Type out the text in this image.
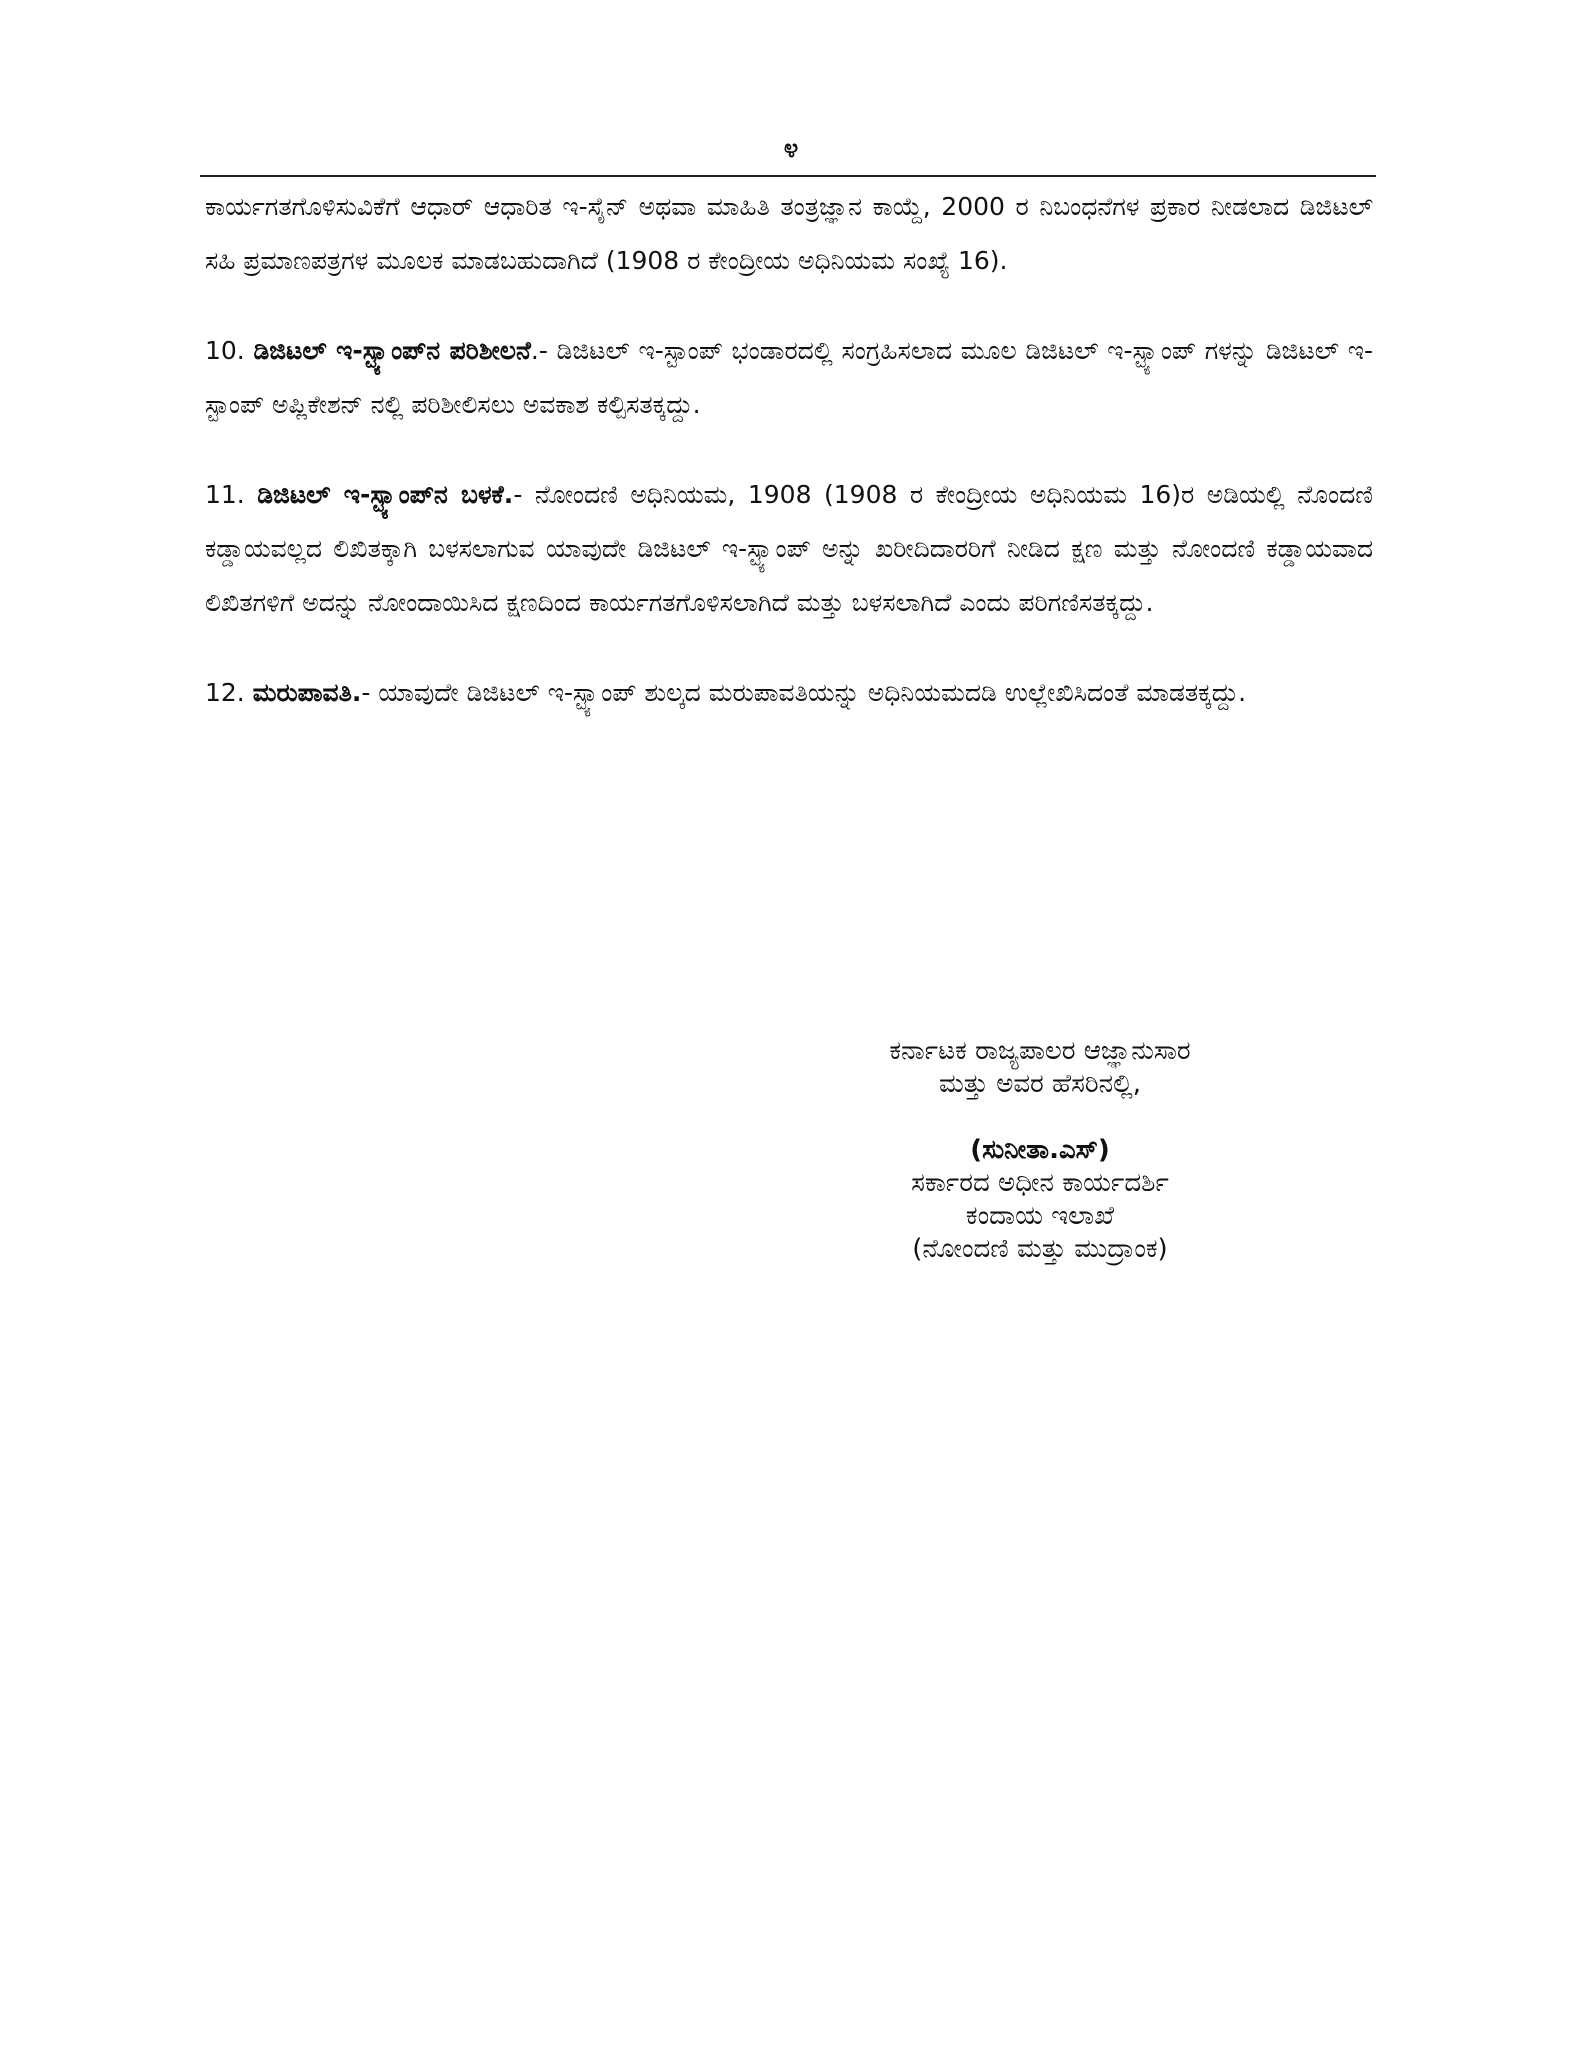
೪

ಕಾರ್ಯಗತಗೊಳಿಸುವಿಕೆಗೆ ಆಧಾರ್ ಆಧಾರಿತ ಇ-ಸೈನ್ ಅಥವಾ ಮಾಹಿತಿ ತಂತ್ರಜ್ಞಾನ ಕಾಯ್ದೆ, 2000 ರ ನಿಬಂಧನೆಗಳ ಪ್ರಕಾರ ನೀಡಲಾದ ಡಿಜಿಟಲ್ ಸಹಿ ಪ್ರಮಾಣಪತ್ರಗಳ ಮೂಲಕ ಮಾಡಬಹುದಾಗಿದೆ (1908 ರ ಕೇಂದ್ರೀಯ ಅಧಿನಿಯಮ ಸಂಖ್ಯೆ 16).

10. ಡಿಜಿಟಲ್ ಇ-ಸ್ಟ್ಯಾಂಪ್‌ನ ಪರಿಶೀಲನೆ.- ಡಿಜಿಟಲ್ ಇ-ಸ್ಟಾಂಪ್ ಭಂಡಾರದಲ್ಲಿ ಸಂಗ್ರಹಿಸಲಾದ ಮೂಲ ಡಿಜಿಟಲ್ ಇ-ಸ್ಟ್ಯಾಂಪ್ ಗಳನ್ನು ಡಿಜಿಟಲ್ ಇ-ಸ್ಟಾಂಪ್ ಅಪ್ಲಿಕೇಶನ್ ನಲ್ಲಿ ಪರಿಶೀಲಿಸಲು ಅವಕಾಶ ಕಲ್ಪಿಸತಕ್ಕದ್ದು.

11. ಡಿಜಿಟಲ್ ಇ-ಸ್ಟ್ಯಾಂಪ್‌ನ ಬಳಕೆ.- ನೋಂದಣಿ ಅಧಿನಿಯಮ, 1908 (1908 ರ ಕೇಂದ್ರೀಯ ಅಧಿನಿಯಮ 16)ರ ಅಡಿಯಲ್ಲಿ ನೊಂದಣಿ ಕಡ್ಡಾಯವಲ್ಲದ ಲಿಖಿತಕ್ಕಾಗಿ ಬಳಸಲಾಗುವ ಯಾವುದೇ ಡಿಜಿಟಲ್ ಇ-ಸ್ಟ್ಯಾಂಪ್ ಅನ್ನು ಖರೀದಿದಾರರಿಗೆ ನೀಡಿದ ಕ್ಷಣ ಮತ್ತು ನೋಂದಣಿ ಕಡ್ಡಾಯವಾದ ಲಿಖಿತಗಳಿಗೆ ಅದನ್ನು ನೋಂದಾಯಿಸಿದ ಕ್ಷಣದಿಂದ ಕಾರ್ಯಗತಗೊಳಿಸಲಾಗಿದೆ ಮತ್ತು ಬಳಸಲಾಗಿದೆ ಎಂದು ಪರಿಗಣಿಸತಕ್ಕದ್ದು.

12. ಮರುಪಾವತಿ.- ಯಾವುದೇ ಡಿಜಿಟಲ್ ಇ-ಸ್ಟ್ಯಾಂಪ್ ಶುಲ್ಕದ ಮರುಪಾವತಿಯನ್ನು ಅಧಿನಿಯಮದಡಿ ಉಲ್ಲೇಖಿಸಿದಂತೆ ಮಾಡತಕ್ಕದ್ದು.

ಕರ್ನಾಟಕ ರಾಜ್ಯಪಾಲರ ಆಜ್ಞಾನುಸಾರ
ಮತ್ತು ಅವರ ಹೆಸರಿನಲ್ಲಿ,
(ಸುನೀತಾ.ಎಸ್)
ಸರ್ಕಾರದ ಅಧೀನ ಕಾರ್ಯದರ್ಶಿ
ಕಂದಾಯ ಇಲಾಖೆ
(ನೋಂದಣಿ ಮತ್ತು ಮುದ್ರಾಂಕ)
